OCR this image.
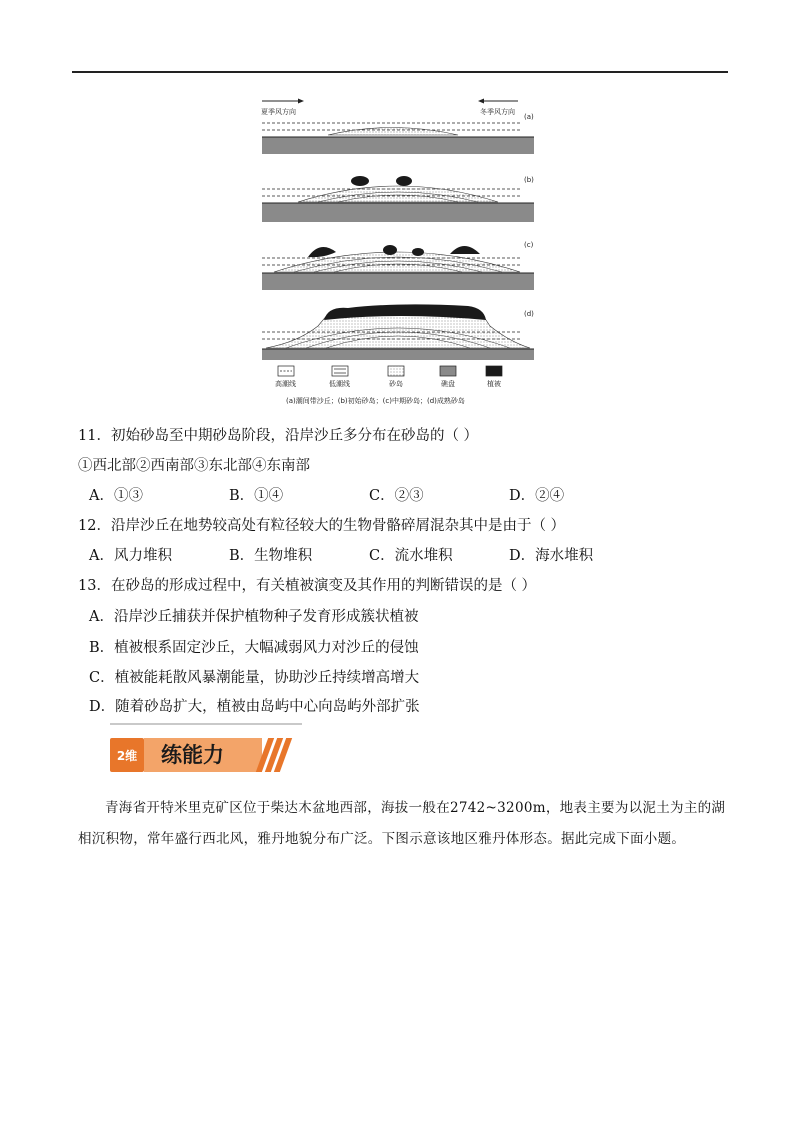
夏季风方向	冬季风方向
(a)
(b)
(c)
(d)
高潮线	低潮线	砂岛	礁盘	植被
(a)潮间带沙丘；(b)初始砂岛；(c)中期砂岛；(d)成熟砂岛
11．初始砂岛至中期砂岛阶段，沿岸沙丘多分布在砂岛的（ ）
①西北部②西南部③东北部④东南部
A．①③	B．①④	C．②③	D．②④
12．沿岸沙丘在地势较高处有粒径较大的生物骨骼碎屑混杂其中是由于（ ）
A．风力堆积	B．生物堆积	C．流水堆积	D．海水堆积
13．在砂岛的形成过程中，有关植被演变及其作用的判断错误的是（ ）
A．沿岸沙丘捕获并保护植物种子发育形成簇状植被
B．植被根系固定沙丘，大幅减弱风力对沙丘的侵蚀
C．植被能耗散风暴潮能量，协助沙丘持续增高增大
D．随着砂岛扩大，植被由岛屿中心向岛屿外部扩张
2维	练能力

青海省开特米里克矿区位于柴达木盆地西部，海拔一般在2742~3200m，地表主要为以泥土为主的湖

相沉积物，常年盛行西北风，雅丹地貌分布广泛。下图示意该地区雅丹体形态。据此完成下面小题。
